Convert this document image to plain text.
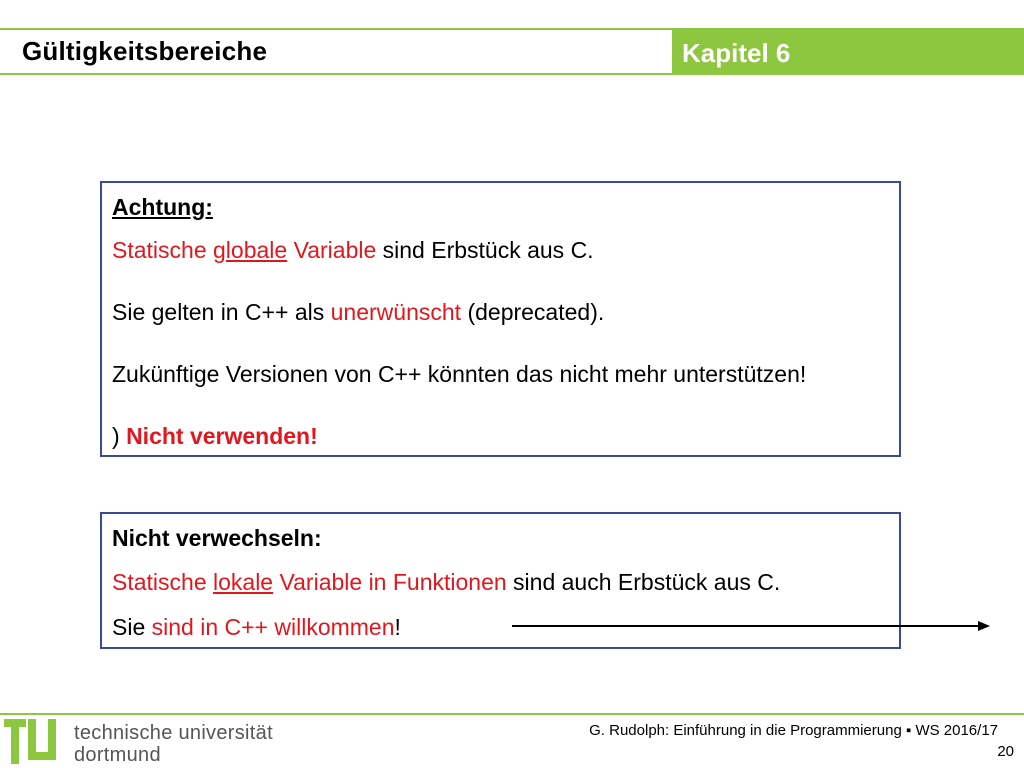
Gültigkeitsbereiche	Kapitel 6
Achtung:
Statische globale Variable sind Erbstück aus C.
Sie gelten in C++ als unerwünscht (deprecated).
Zukünftige Versionen von C++ könnten das nicht mehr unterstützen!
) Nicht verwenden!
Nicht verwechseln:
Statische lokale Variable in Funktionen sind auch Erbstück aus C.
Sie sind in C++ willkommen!
technische universität
dortmund
G. Rudolph: Einführung in die Programmierung ▪ WS 2016/17
20
